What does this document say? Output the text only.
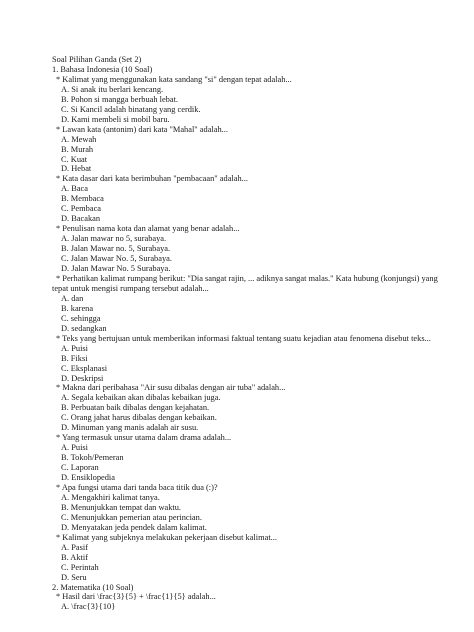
Soal Pilihan Ganda (Set 2)

1. Bahasa Indonesia (10 Soal)

* Kalimat yang menggunakan kata sandang "si" dengan tepat adalah...

A. Si anak itu berlari kencang.

B. Pohon si mangga berbuah lebat.

C. Si Kancil adalah binatang yang cerdik.

D. Kami membeli si mobil baru.

* Lawan kata (antonim) dari kata "Mahal" adalah...

A. Mewah

B. Murah

C. Kuat

D. Hebat

* Kata dasar dari kata berimbuhan "pembacaan" adalah...

A. Baca

B. Membaca

C. Pembaca

D. Bacakan

* Penulisan nama kota dan alamat yang benar adalah...

A. Jalan mawar no 5, surabaya.

B. Jalan Mawar no. 5, Surabaya.

C. Jalan Mawar No. 5, Surabaya.

D. Jalan Mawar No. 5 Surabaya.

* Perhatikan kalimat rumpang berikut: "Dia sangat rajin, ... adiknya sangat malas." Kata hubung (konjungsi) yang

tepat untuk mengisi rumpang tersebut adalah...

A. dan

B. karena

C. sehingga

D. sedangkan

* Teks yang bertujuan untuk memberikan informasi faktual tentang suatu kejadian atau fenomena disebut teks...

A. Puisi

B. Fiksi

C. Eksplanasi

D. Deskripsi

* Makna dari peribahasa "Air susu dibalas dengan air tuba" adalah...

A. Segala kebaikan akan dibalas kebaikan juga.

B. Perbuatan baik dibalas dengan kejahatan.

C. Orang jahat harus dibalas dengan kebaikan.

D. Minuman yang manis adalah air susu.

* Yang termasuk unsur utama dalam drama adalah...

A. Puisi

B. Tokoh/Pemeran

C. Laporan

D. Ensiklopedia

* Apa fungsi utama dari tanda baca titik dua (:)?

A. Mengakhiri kalimat tanya.

B. Menunjukkan tempat dan waktu.

C. Menunjukkan pemerian atau perincian.

D. Menyatakan jeda pendek dalam kalimat.

* Kalimat yang subjeknya melakukan pekerjaan disebut kalimat...

A. Pasif

B. Aktif

C. Perintah

D. Seru

2. Matematika (10 Soal)

* Hasil dari \frac{3}{5} + \frac{1}{5} adalah...

A. \frac{3}{10}
